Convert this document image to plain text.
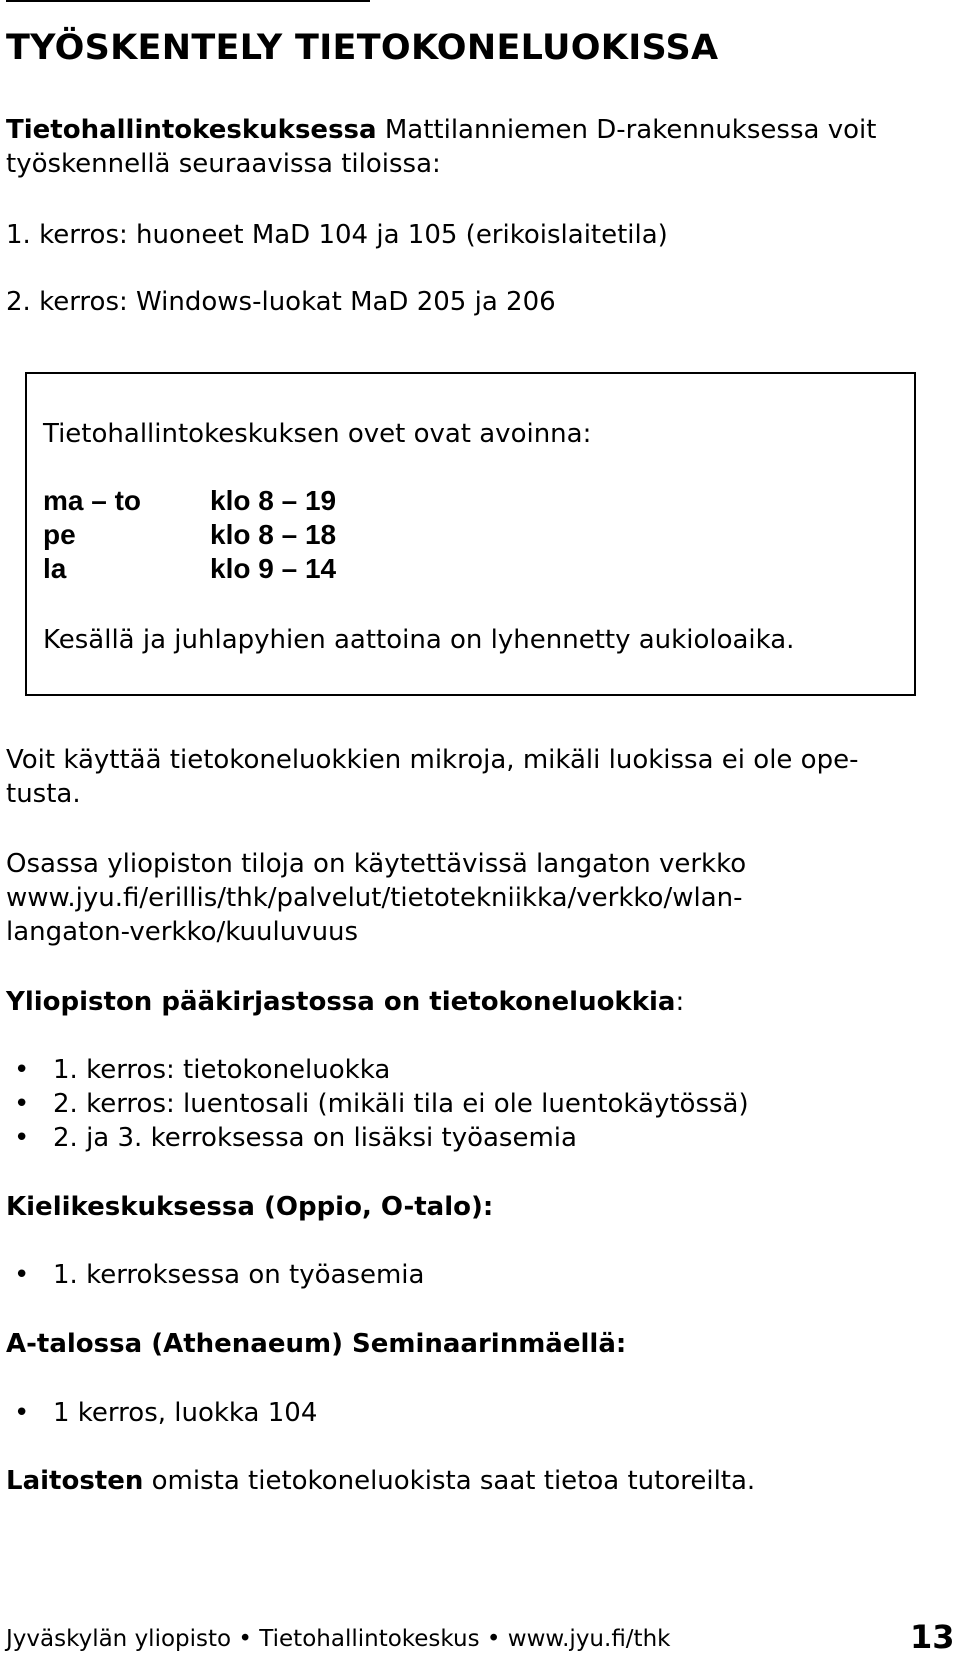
TYÖSKENTELY TIETOKONELUOKISSA
Tietohallintokeskuksessa Mattilanniemen D-rakennuksessa voit
työskennellä seuraavissa tiloissa:
1. kerros: huoneet MaD 104 ja 105 (erikoislaitetila)
2. kerros: Windows-luokat MaD 205 ja 206
Tietohallintokeskuksen ovet ovat avoinna:
ma – to klo 8 – 19
pe	klo 8 – 18
la	klo 9 – 14
Kesällä ja juhlapyhien aattoina on lyhennetty aukioloaika.
Voit käyttää tietokoneluokkien mikroja, mikäli luokissa ei ole ope-
tusta.
Osassa yliopiston tiloja on käytettävissä langaton verkko
www.jyu.fi/erillis/thk/palvelut/tietotekniikka/verkko/wlan-
langaton-verkko/kuuluvuus
Yliopiston pääkirjastossa on tietokoneluokkia:
• 1. kerros: tietokoneluokka
• 2. kerros: luentosali (mikäli tila ei ole luentokäytössä)
• 2. ja 3. kerroksessa on lisäksi työasemia
Kielikeskuksessa (Oppio, O-talo):
• 1. kerroksessa on työasemia
A-talossa (Athenaeum) Seminaarinmäellä:
• 1 kerros, luokka 104
Laitosten omista tietokoneluokista saat tietoa tutoreilta.
Jyväskylän yliopisto • Tietohallintokeskus • www.jyu.fi/thk	13
